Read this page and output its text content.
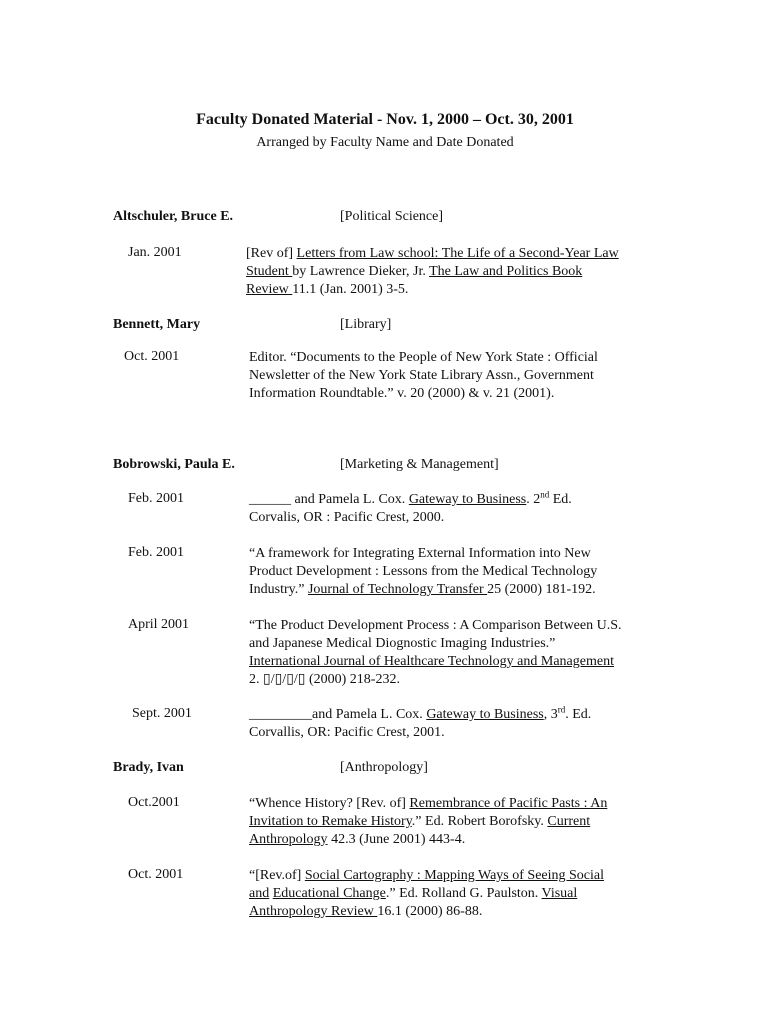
Faculty Donated Material - Nov. 1, 2000 – Oct. 30, 2001
Arranged by Faculty Name and Date Donated
Altschuler, Bruce E.	[Political Science]
Jan. 2001	[Rev of] Letters from Law school: The Life of a Second-Year Law
Student by Lawrence Dieker, Jr. The Law and Politics Book
Review 11.1 (Jan. 2001) 3-5.
Bennett, Mary	[Library]
Oct. 2001	Editor. “Documents to the People of New York State : Official
Newsletter of the New York State Library Assn., Government
Information Roundtable.” v. 20 (2000) & v. 21 (2001).
Bobrowski, Paula E.	[Marketing & Management]
Feb. 2001	______ and Pamela L. Cox. Gateway to Business. 2nd Ed.
Corvalis, OR : Pacific Crest, 2000.
Feb. 2001	“A framework for Integrating External Information into New
Product Development : Lessons from the Medical Technology
Industry.” Journal of Technology Transfer 25 (2000) 181-192.
April 2001	“The Product Development Process : A Comparison Between U.S.
and Japanese Medical Diognostic Imaging Industries.”
International Journal of Healthcare Technology and Management
2. ▯/▯/▯/▯ (2000) 218-232.
Sept. 2001	_________and Pamela L. Cox. Gateway to Business, 3rd. Ed.
Corvallis, OR: Pacific Crest, 2001.
Brady, Ivan	[Anthropology]
Oct.2001	“Whence History? [Rev. of] Remembrance of Pacific Pasts : An
Invitation to Remake History.” Ed. Robert Borofsky. Current
Anthropology 42.3 (June 2001) 443-4.
Oct. 2001	“[Rev.of] Social Cartography : Mapping Ways of Seeing Social
and Educational Change.” Ed. Rolland G. Paulston. Visual
Anthropology Review 16.1 (2000) 86-88.
